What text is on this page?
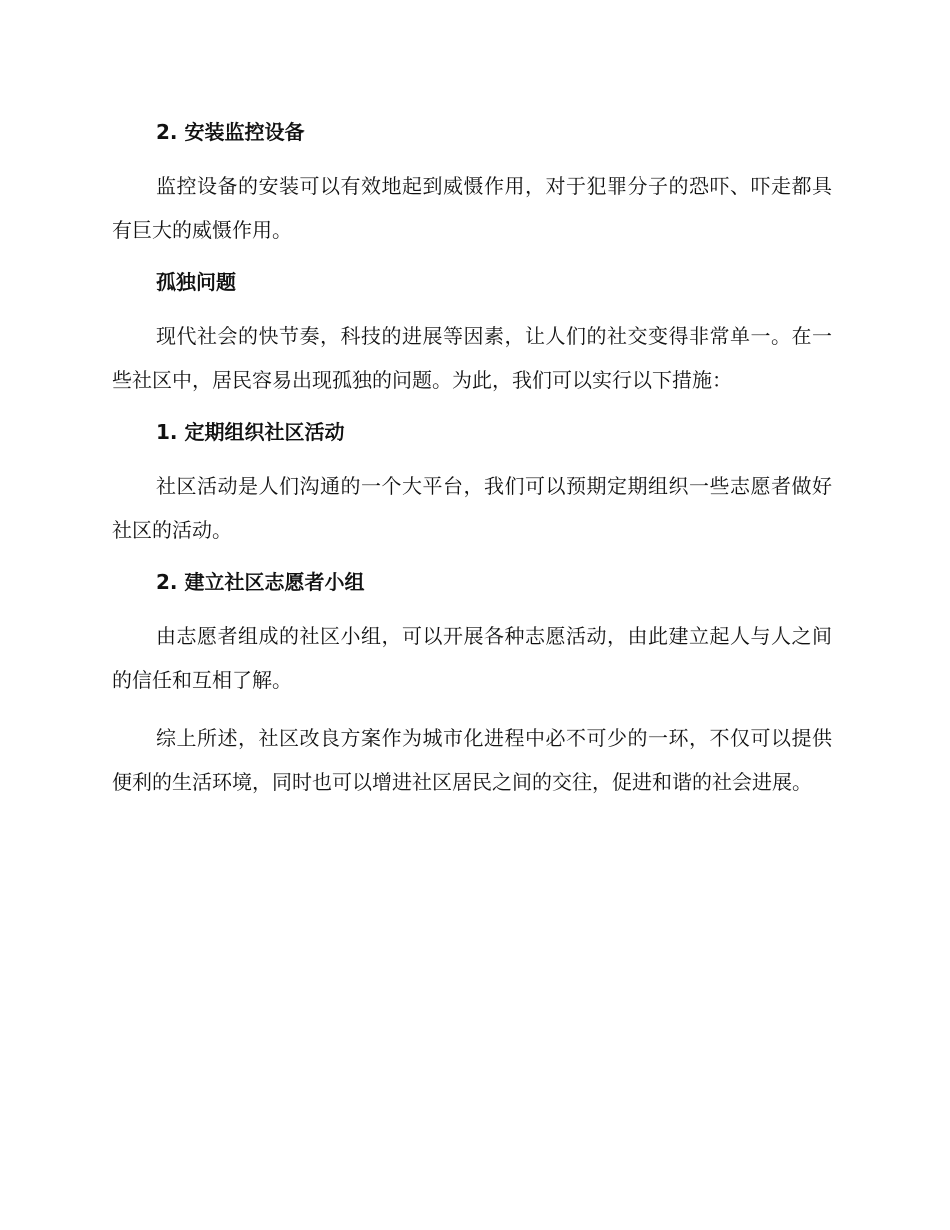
2. 安装监控设备
监控设备的安装可以有效地起到威慑作用，对于犯罪分子的恐吓、吓走都具有巨大的威慑作用。
孤独问题
现代社会的快节奏，科技的进展等因素，让人们的社交变得非常单一。在一些社区中，居民容易出现孤独的问题。为此，我们可以实行以下措施：
1. 定期组织社区活动
社区活动是人们沟通的一个大平台，我们可以预期定期组织一些志愿者做好社区的活动。
2. 建立社区志愿者小组
由志愿者组成的社区小组，可以开展各种志愿活动，由此建立起人与人之间的信任和互相了解。
综上所述，社区改良方案作为城市化进程中必不可少的一环，不仅可以提供便利的生活环境，同时也可以增进社区居民之间的交往，促进和谐的社会进展。
